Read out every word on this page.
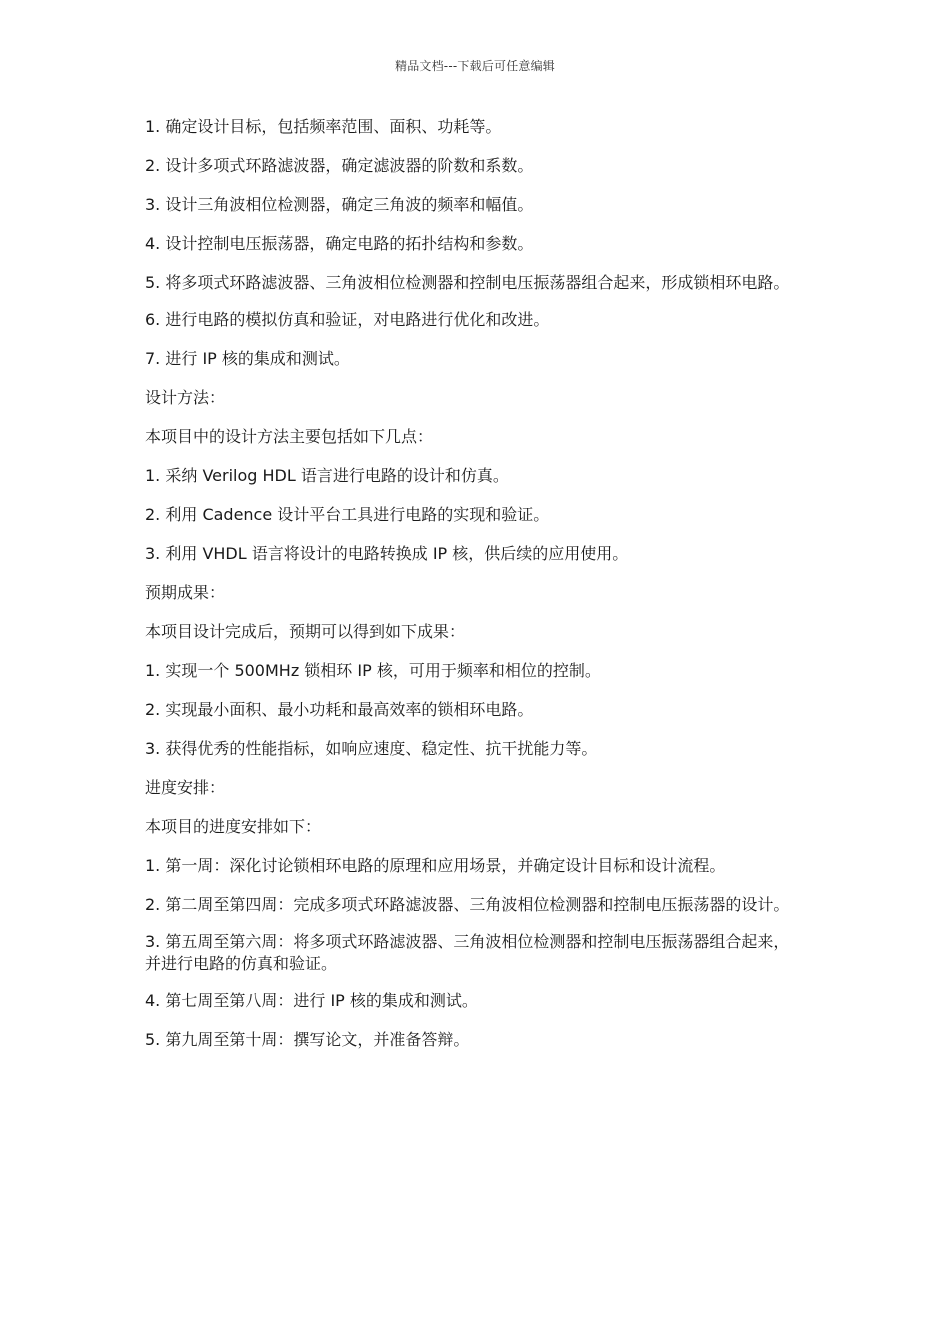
精品文档---下载后可任意编辑

1. 确定设计目标，包括频率范围、面积、功耗等。

2. 设计多项式环路滤波器，确定滤波器的阶数和系数。

3. 设计三角波相位检测器，确定三角波的频率和幅值。

4. 设计控制电压振荡器，确定电路的拓扑结构和参数。

5. 将多项式环路滤波器、三角波相位检测器和控制电压振荡器组合起来，形成锁相环电路。

6. 进行电路的模拟仿真和验证，对电路进行优化和改进。

7. 进行 IP 核的集成和测试。

设计方法：

本项目中的设计方法主要包括如下几点：

1. 采纳 Verilog HDL 语言进行电路的设计和仿真。

2. 利用 Cadence 设计平台工具进行电路的实现和验证。

3. 利用 VHDL 语言将设计的电路转换成 IP 核，供后续的应用使用。

预期成果：

本项目设计完成后，预期可以得到如下成果：

1. 实现一个 500MHz 锁相环 IP 核，可用于频率和相位的控制。

2. 实现最小面积、最小功耗和最高效率的锁相环电路。

3. 获得优秀的性能指标，如响应速度、稳定性、抗干扰能力等。

进度安排：

本项目的进度安排如下：

1. 第一周：深化讨论锁相环电路的原理和应用场景，并确定设计目标和设计流程。

2. 第二周至第四周：完成多项式环路滤波器、三角波相位检测器和控制电压振荡器的设计。

3. 第五周至第六周：将多项式环路滤波器、三角波相位检测器和控制电压振荡器组合起来，并进行电路的仿真和验证。

4. 第七周至第八周：进行 IP 核的集成和测试。

5. 第九周至第十周：撰写论文，并准备答辩。
